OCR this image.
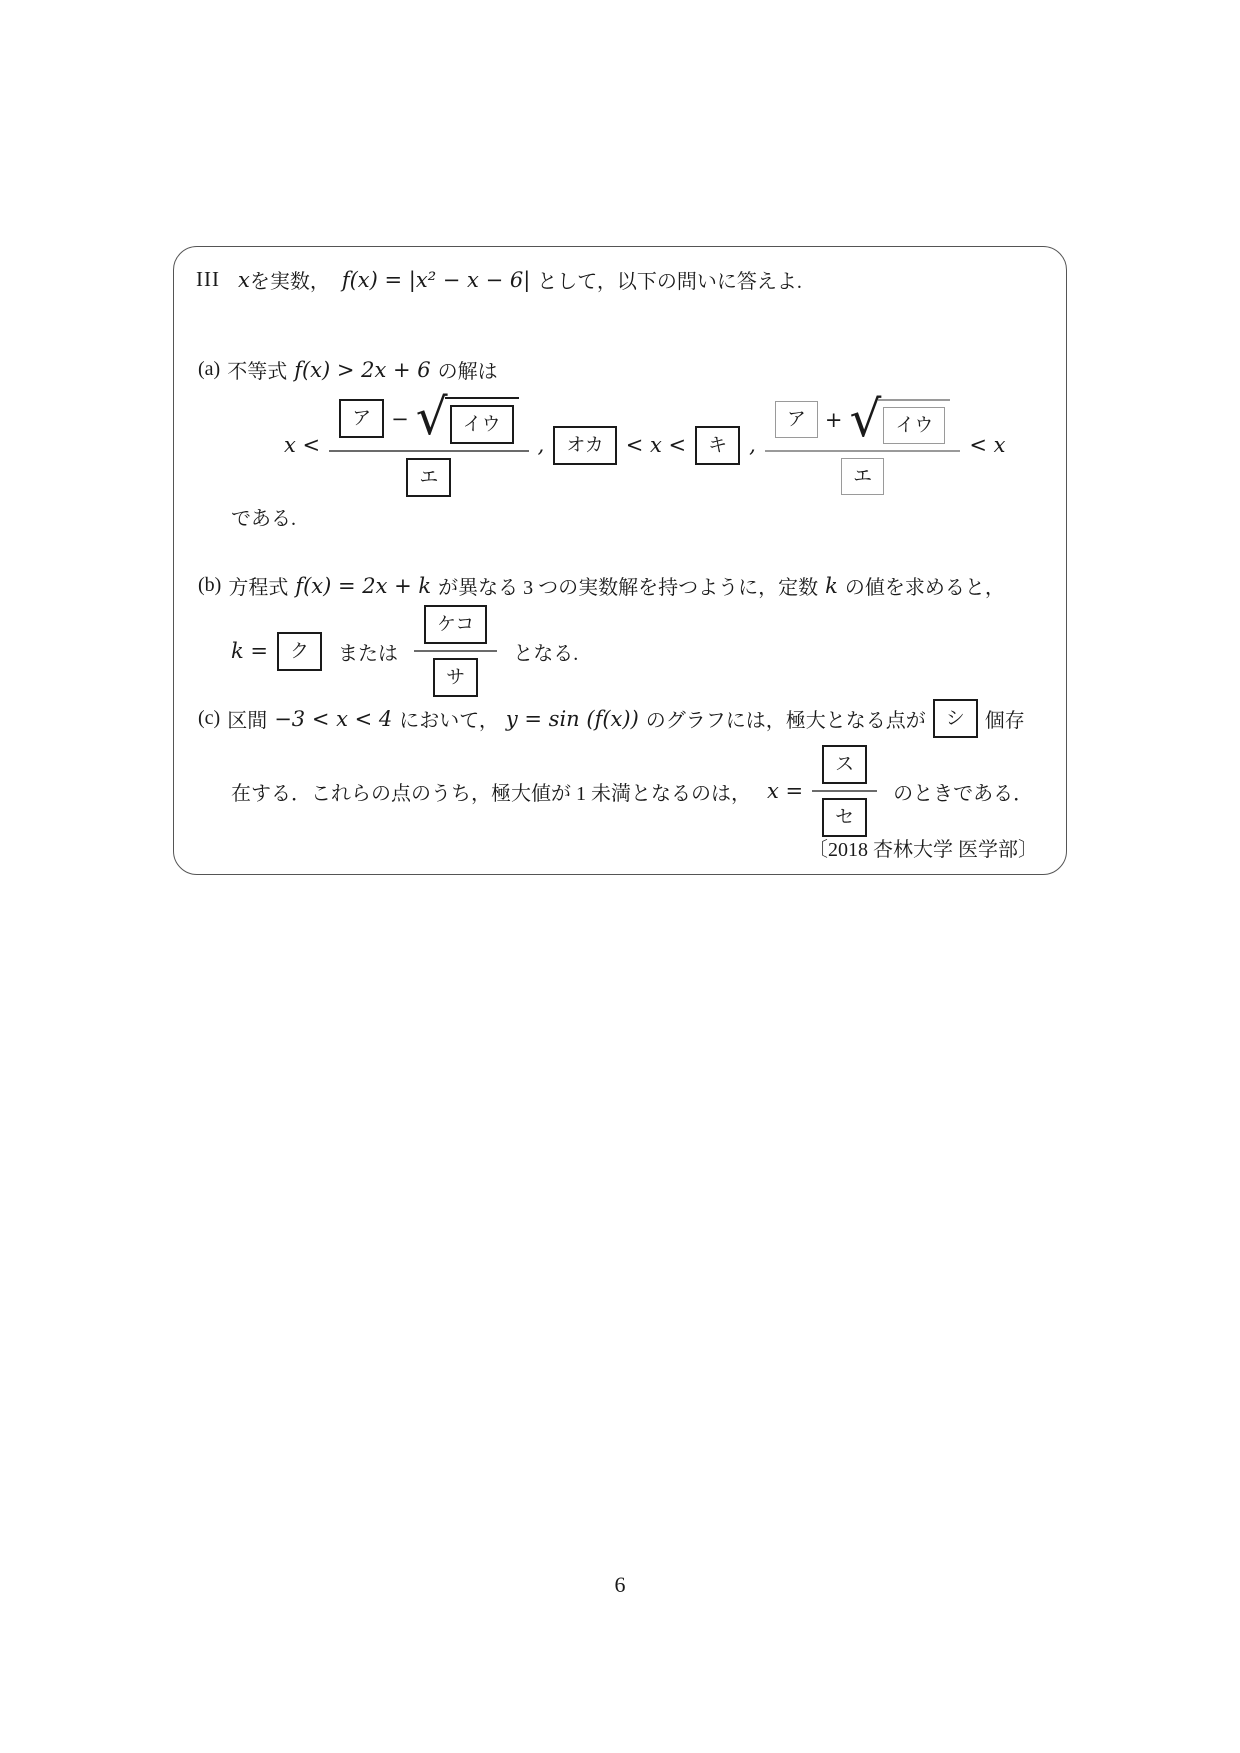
III x を実数， f(x) = |x² − x − 6| として，以下の問いに答えよ.
(a) 不等式 f(x) > 2x + 6 の解は
x <
ア − √ イウ
エ
,	オカ	< x <	キ	,
ア + √ イウ
エ
< x
である.
(b) 方程式 f(x) = 2x + k が異なる 3 つの実数解を持つように，定数 k の値を求めると，
k =	ク	または $\frac{\text{ケコ}}{\text{サ}}$ となる.
(c) 区間 −3 < x < 4 において， y = sin (f(x)) のグラフには，極大となる点が	シ	個存
在する．これらの点のうち，極大値が 1 未満となるのは， $x = \frac{\text{ス}}{\text{セ}}$ のときである．
〔2018 杏林大学 医学部〕
6
